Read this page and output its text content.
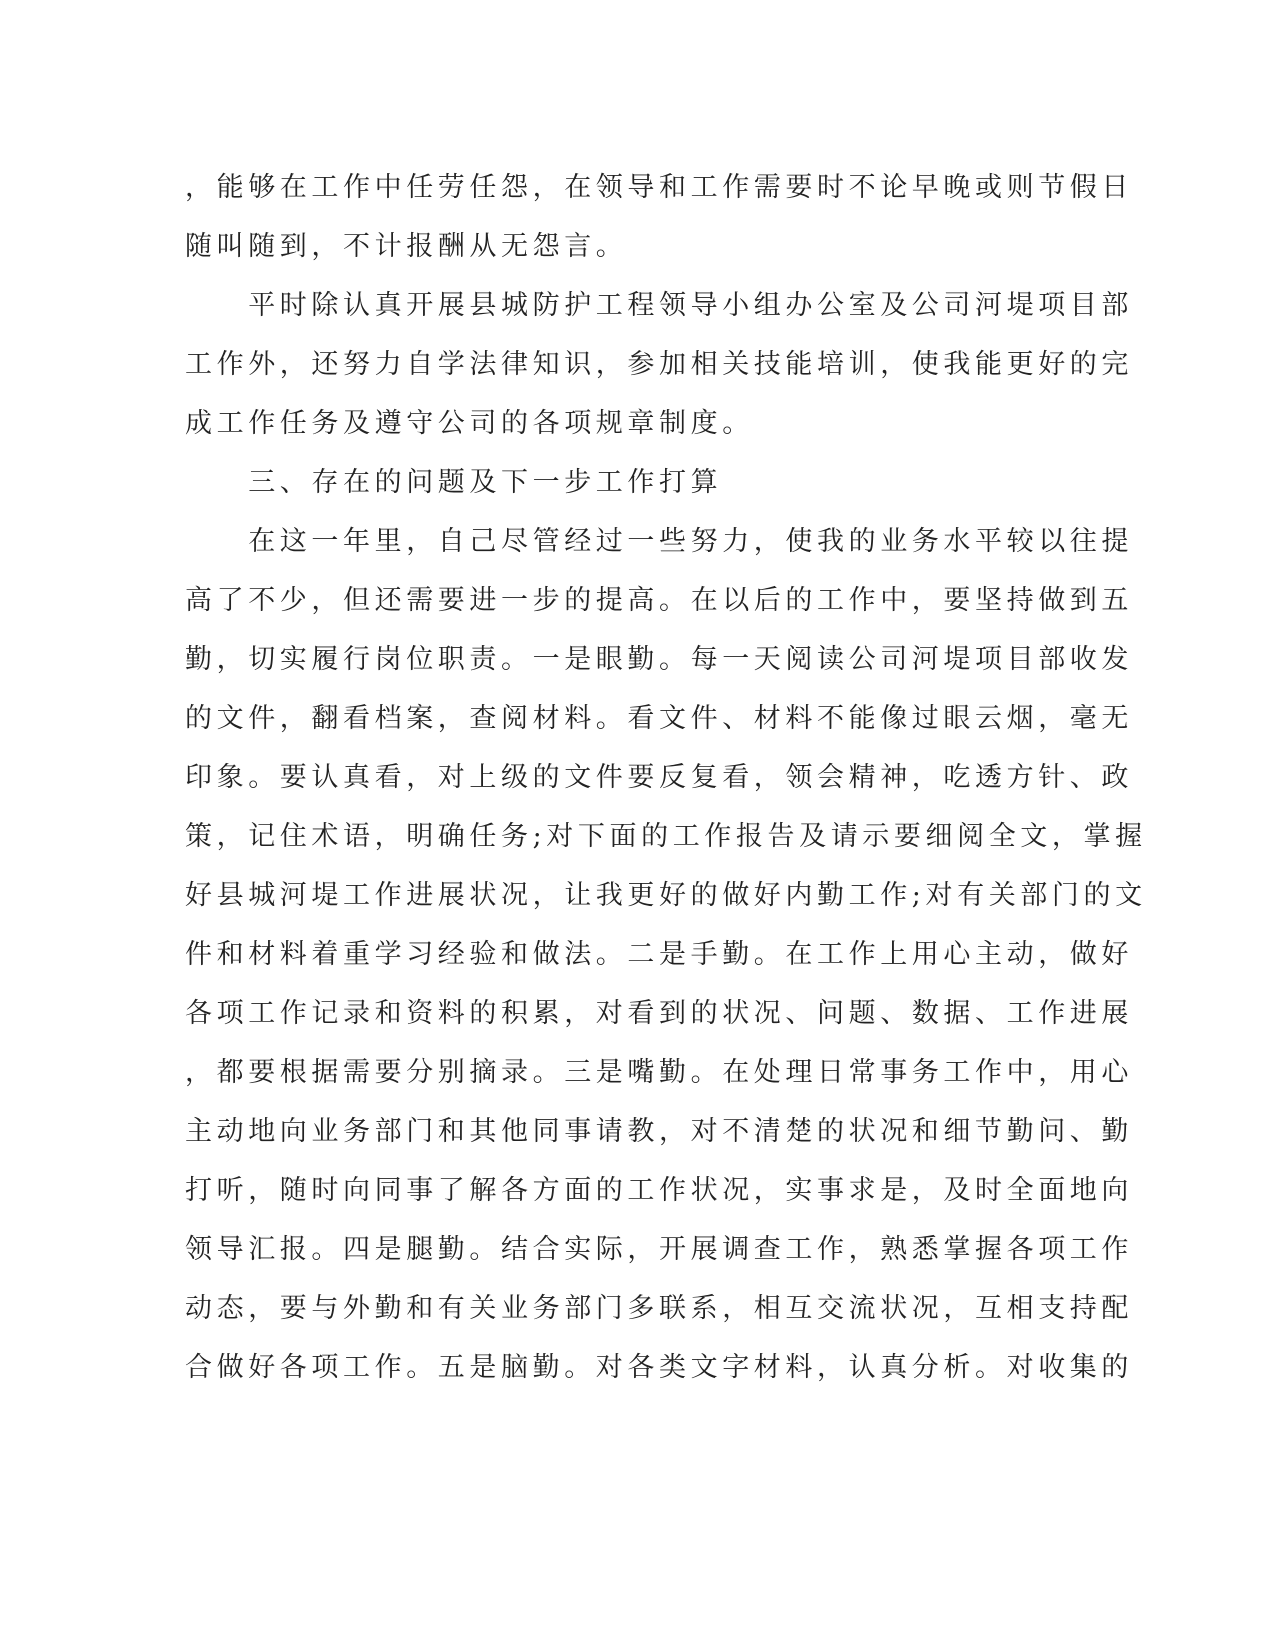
，能够在工作中任劳任怨，在领导和工作需要时不论早晚或则节假日
随叫随到，不计报酬从无怨言。
　　平时除认真开展县城防护工程领导小组办公室及公司河堤项目部
工作外，还努力自学法律知识，参加相关技能培训，使我能更好的完
成工作任务及遵守公司的各项规章制度。
　　三、存在的问题及下一步工作打算
　　在这一年里，自己尽管经过一些努力，使我的业务水平较以往提
高了不少，但还需要进一步的提高。在以后的工作中，要坚持做到五
勤，切实履行岗位职责。一是眼勤。每一天阅读公司河堤项目部收发
的文件，翻看档案，查阅材料。看文件、材料不能像过眼云烟，毫无
印象。要认真看，对上级的文件要反复看，领会精神，吃透方针、政
策，记住术语，明确任务;对下面的工作报告及请示要细阅全文，掌握
好县城河堤工作进展状况，让我更好的做好内勤工作;对有关部门的文
件和材料着重学习经验和做法。二是手勤。在工作上用心主动，做好
各项工作记录和资料的积累，对看到的状况、问题、数据、工作进展
，都要根据需要分别摘录。三是嘴勤。在处理日常事务工作中，用心
主动地向业务部门和其他同事请教，对不清楚的状况和细节勤问、勤
打听，随时向同事了解各方面的工作状况，实事求是，及时全面地向
领导汇报。四是腿勤。结合实际，开展调查工作，熟悉掌握各项工作
动态，要与外勤和有关业务部门多联系，相互交流状况，互相支持配
合做好各项工作。五是脑勤。对各类文字材料，认真分析。对收集的
